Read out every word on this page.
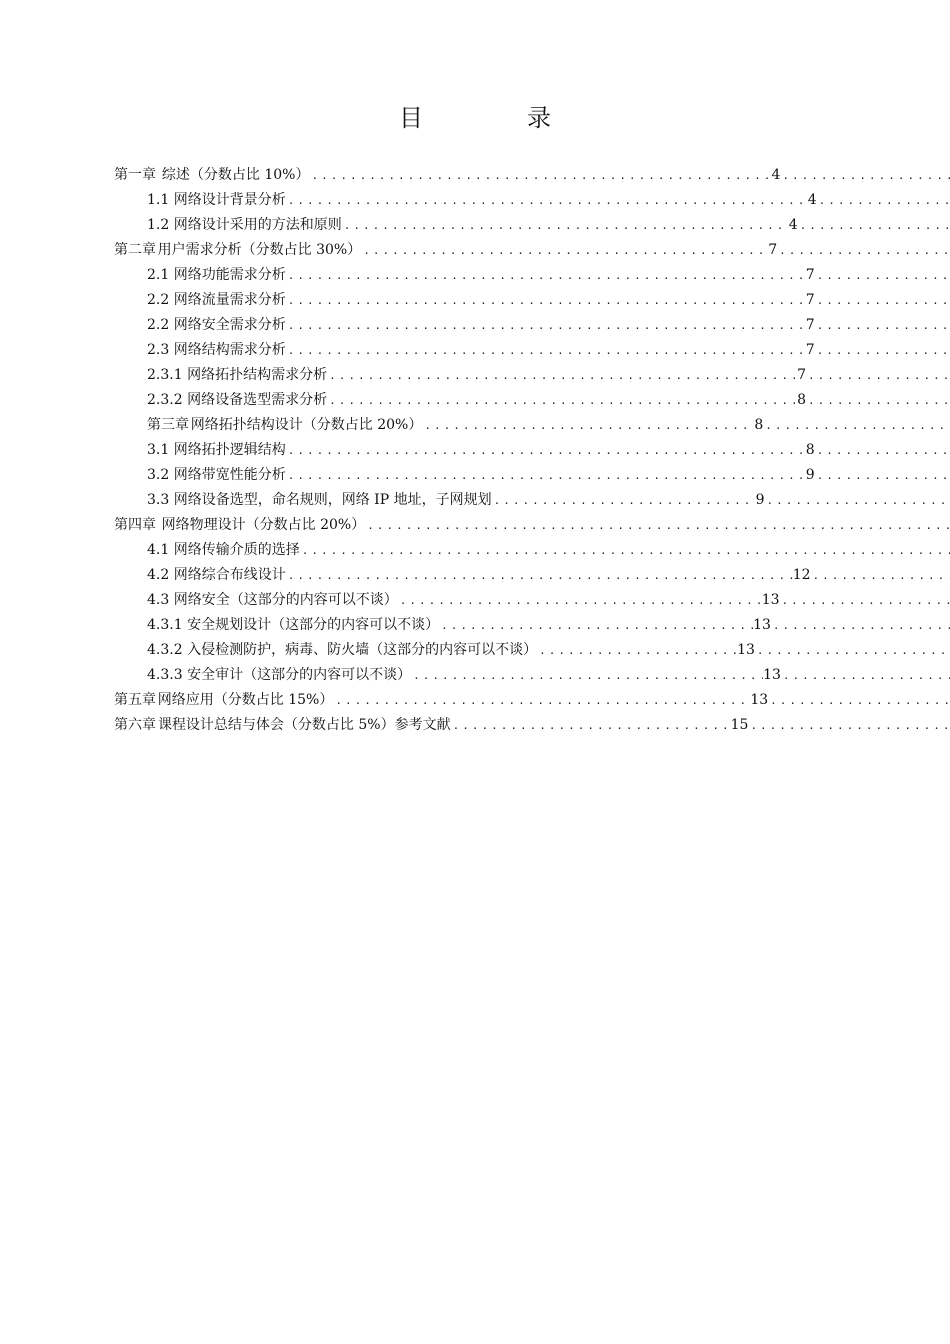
目　录
第一章 综述（分数占比 10%） .....	4
.....
1.1 网络设计背景分析 .....	4
.....
1.2 网络设计采用的方法和原则 .....	4
.....
第二章 用户需求分析（分数占比 30%） .....	7
.....
2.1 网络功能需求分析 .....	7
.....
2.2 网络流量需求分析 .....	7
.....
2.2 网络安全需求分析 .....	7
.....
2.3 网络结构需求分析 .....	7
.....
2.3.1 网络拓扑结构需求分析 .....	7
.....
2.3.2 网络设备选型需求分析 .....	8
.....
第三章 网络拓扑结构设计（分数占比 20%） .....	8
.....
3.1 网络拓扑逻辑结构 .....	8
.....
3.2 网络带宽性能分析 .....	9
.....
3.3 网络设备选型，命名规则，网络 IP 地址，子网规划 .....	9
.....
第四章 网络物理设计（分数占比 20%）
.....
4.1 网络传输介质的选择
.....
4.2 网络综合布线设计 .....	12
.....
4.3 网络安全（这部分的内容可以不谈） .....	13
.....
4.3.1 安全规划设计（这部分的内容可以不谈） .....	13
.....
4.3.2 入侵检测防护，病毒、防火墙（这部分的内容可以不谈） .....	13
.....
4.3.3 安全审计（这部分的内容可以不谈） .....	13
.....
第五章 网络应用（分数占比 15%） .....	13
.....
第六章 课程设计总结与体会（分数占比 5%）参考文献 .....	15
.....
